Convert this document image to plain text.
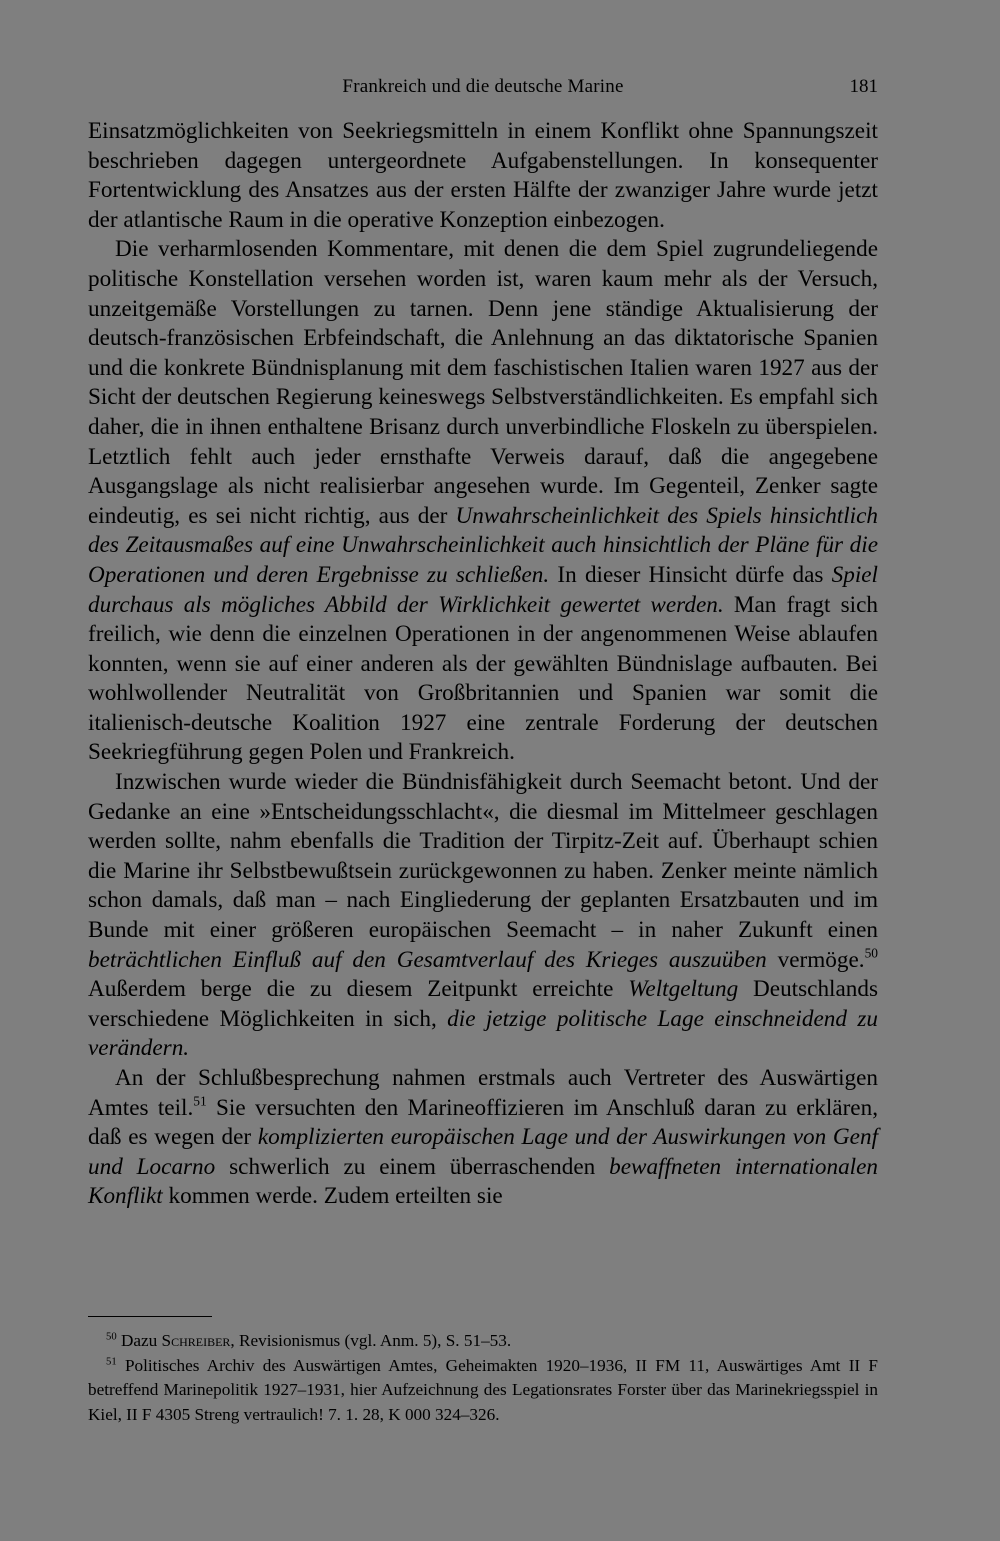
Frankreich und die deutsche Marine	181

Einsatzmöglichkeiten von Seekriegsmitteln in einem Konflikt ohne Spannungszeit beschrieben dagegen untergeordnete Aufgabenstellungen. In konsequenter Fortentwicklung des Ansatzes aus der ersten Hälfte der zwanziger Jahre wurde jetzt der atlantische Raum in die operative Konzeption einbezogen.

Die verharmlosenden Kommentare, mit denen die dem Spiel zugrundeliegende politische Konstellation versehen worden ist, waren kaum mehr als der Versuch, unzeitgemäße Vorstellungen zu tarnen. Denn jene ständige Aktualisierung der deutsch-französischen Erbfeindschaft, die Anlehnung an das diktatorische Spanien und die konkrete Bündnisplanung mit dem faschistischen Italien waren 1927 aus der Sicht der deutschen Regierung keineswegs Selbstverständlichkeiten. Es empfahl sich daher, die in ihnen enthaltene Brisanz durch unverbindliche Floskeln zu überspielen. Letztlich fehlt auch jeder ernsthafte Verweis darauf, daß die angegebene Ausgangslage als nicht realisierbar angesehen wurde. Im Gegenteil, Zenker sagte eindeutig, es sei nicht richtig, aus der Unwahrscheinlichkeit des Spiels hinsichtlich des Zeitausmaßes auf eine Unwahrscheinlichkeit auch hinsichtlich der Pläne für die Operationen und deren Ergebnisse zu schließen. In dieser Hinsicht dürfe das Spiel durchaus als mögliches Abbild der Wirklichkeit gewertet werden. Man fragt sich freilich, wie denn die einzelnen Operationen in der angenommenen Weise ablaufen konnten, wenn sie auf einer anderen als der gewählten Bündnislage aufbauten. Bei wohlwollender Neutralität von Großbritannien und Spanien war somit die italienisch-deutsche Koalition 1927 eine zentrale Forderung der deutschen Seekriegführung gegen Polen und Frankreich.

Inzwischen wurde wieder die Bündnisfähigkeit durch Seemacht betont. Und der Gedanke an eine »Entscheidungsschlacht«, die diesmal im Mittelmeer geschlagen werden sollte, nahm ebenfalls die Tradition der Tirpitz-Zeit auf. Überhaupt schien die Marine ihr Selbstbewußtsein zurückgewonnen zu haben. Zenker meinte nämlich schon damals, daß man – nach Eingliederung der geplanten Ersatzbauten und im Bunde mit einer größeren europäischen Seemacht – in naher Zukunft einen beträchtlichen Einfluß auf den Gesamtverlauf des Krieges auszuüben vermöge.$^{50}$ Außerdem berge die zu diesem Zeitpunkt erreichte Weltgeltung Deutschlands verschiedene Möglichkeiten in sich, die jetzige politische Lage einschneidend zu verändern.

An der Schlußbesprechung nahmen erstmals auch Vertreter des Auswärtigen Amtes teil.$^{51}$ Sie versuchten den Marineoffizieren im Anschluß daran zu erklären, daß es wegen der komplizierten europäischen Lage und der Auswirkungen von Genf und Locarno schwerlich zu einem überraschenden bewaffneten internationalen Konflikt kommen werde. Zudem erteilten sie

$^{50}$ Dazu Schreiber, Revisionismus (vgl. Anm. 5), S. 51–53.

$^{51}$ Politisches Archiv des Auswärtigen Amtes, Geheimakten 1920–1936, II FM 11, Auswärtiges Amt II F betreffend Marinepolitik 1927–1931, hier Aufzeichnung des Legationsrates Forster über das Marinekriegsspiel in Kiel, II F 4305 Streng vertraulich! 7. 1. 28, K 000 324–326.
